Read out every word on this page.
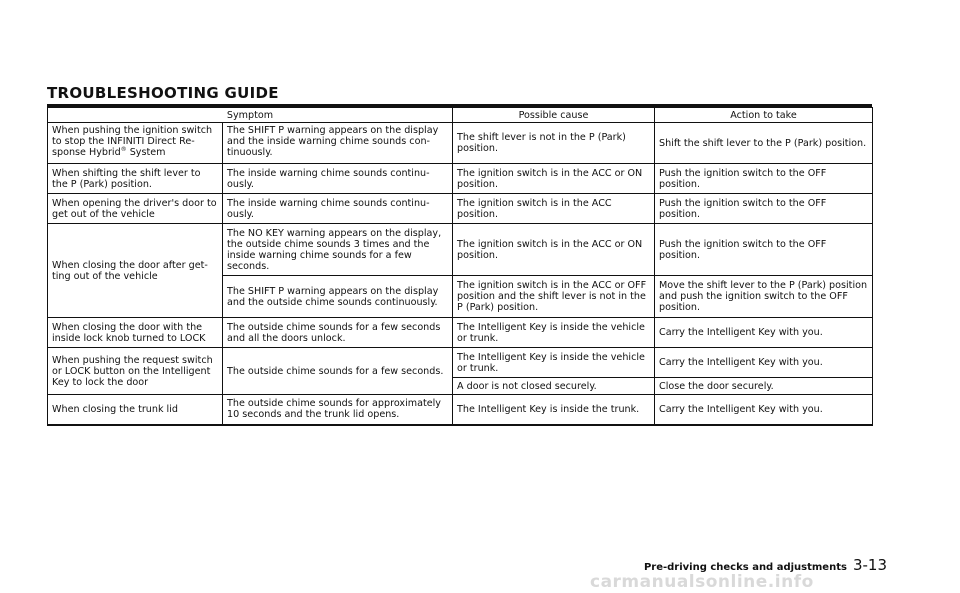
TROUBLESHOOTING GUIDE
Symptom		Possible cause	Action to take
When pushing the ignition switch to stop the INFINITI Direct Re-sponse Hybrid® System	The SHIFT P warning appears on the display and the inside warning chime sounds con-tinuously.	The shift lever is not in the P (Park) position.	Shift the shift lever to the P (Park) position.
When shifting the shift lever to the P (Park) position.	The inside warning chime sounds continu-ously.	The ignition switch is in the ACC or ON position.	Push the ignition switch to the OFF position.
When opening the driver's door to get out of the vehicle	The inside warning chime sounds continu-ously.	The ignition switch is in the ACC position.	Push the ignition switch to the OFF position.
When closing the door after get-ting out of the vehicle	The NO KEY warning appears on the display, the outside chime sounds 3 times and the inside warning chime sounds for a few seconds.	The ignition switch is in the ACC or ON position.	Push the ignition switch to the OFF position.
	The SHIFT P warning appears on the display and the outside chime sounds continuously.	The ignition switch is in the ACC or OFF position and the shift lever is not in the P (Park) position.	Move the shift lever to the P (Park) position and push the ignition switch to the OFF position.
When closing the door with the inside lock knob turned to LOCK	The outside chime sounds for a few seconds and all the doors unlock.	The Intelligent Key is inside the vehicle or trunk.	Carry the Intelligent Key with you.
When pushing the request switch or LOCK button on the Intelligent Key to lock the door	The outside chime sounds for a few seconds.	The Intelligent Key is inside the vehicle or trunk.	Carry the Intelligent Key with you.
		A door is not closed securely.	Close the door securely.
When closing the trunk lid	The outside chime sounds for approximately 10 seconds and the trunk lid opens.	The Intelligent Key is inside the trunk.	Carry the Intelligent Key with you.
Pre-driving checks and adjustments 3-13
carmanualsonline.info
